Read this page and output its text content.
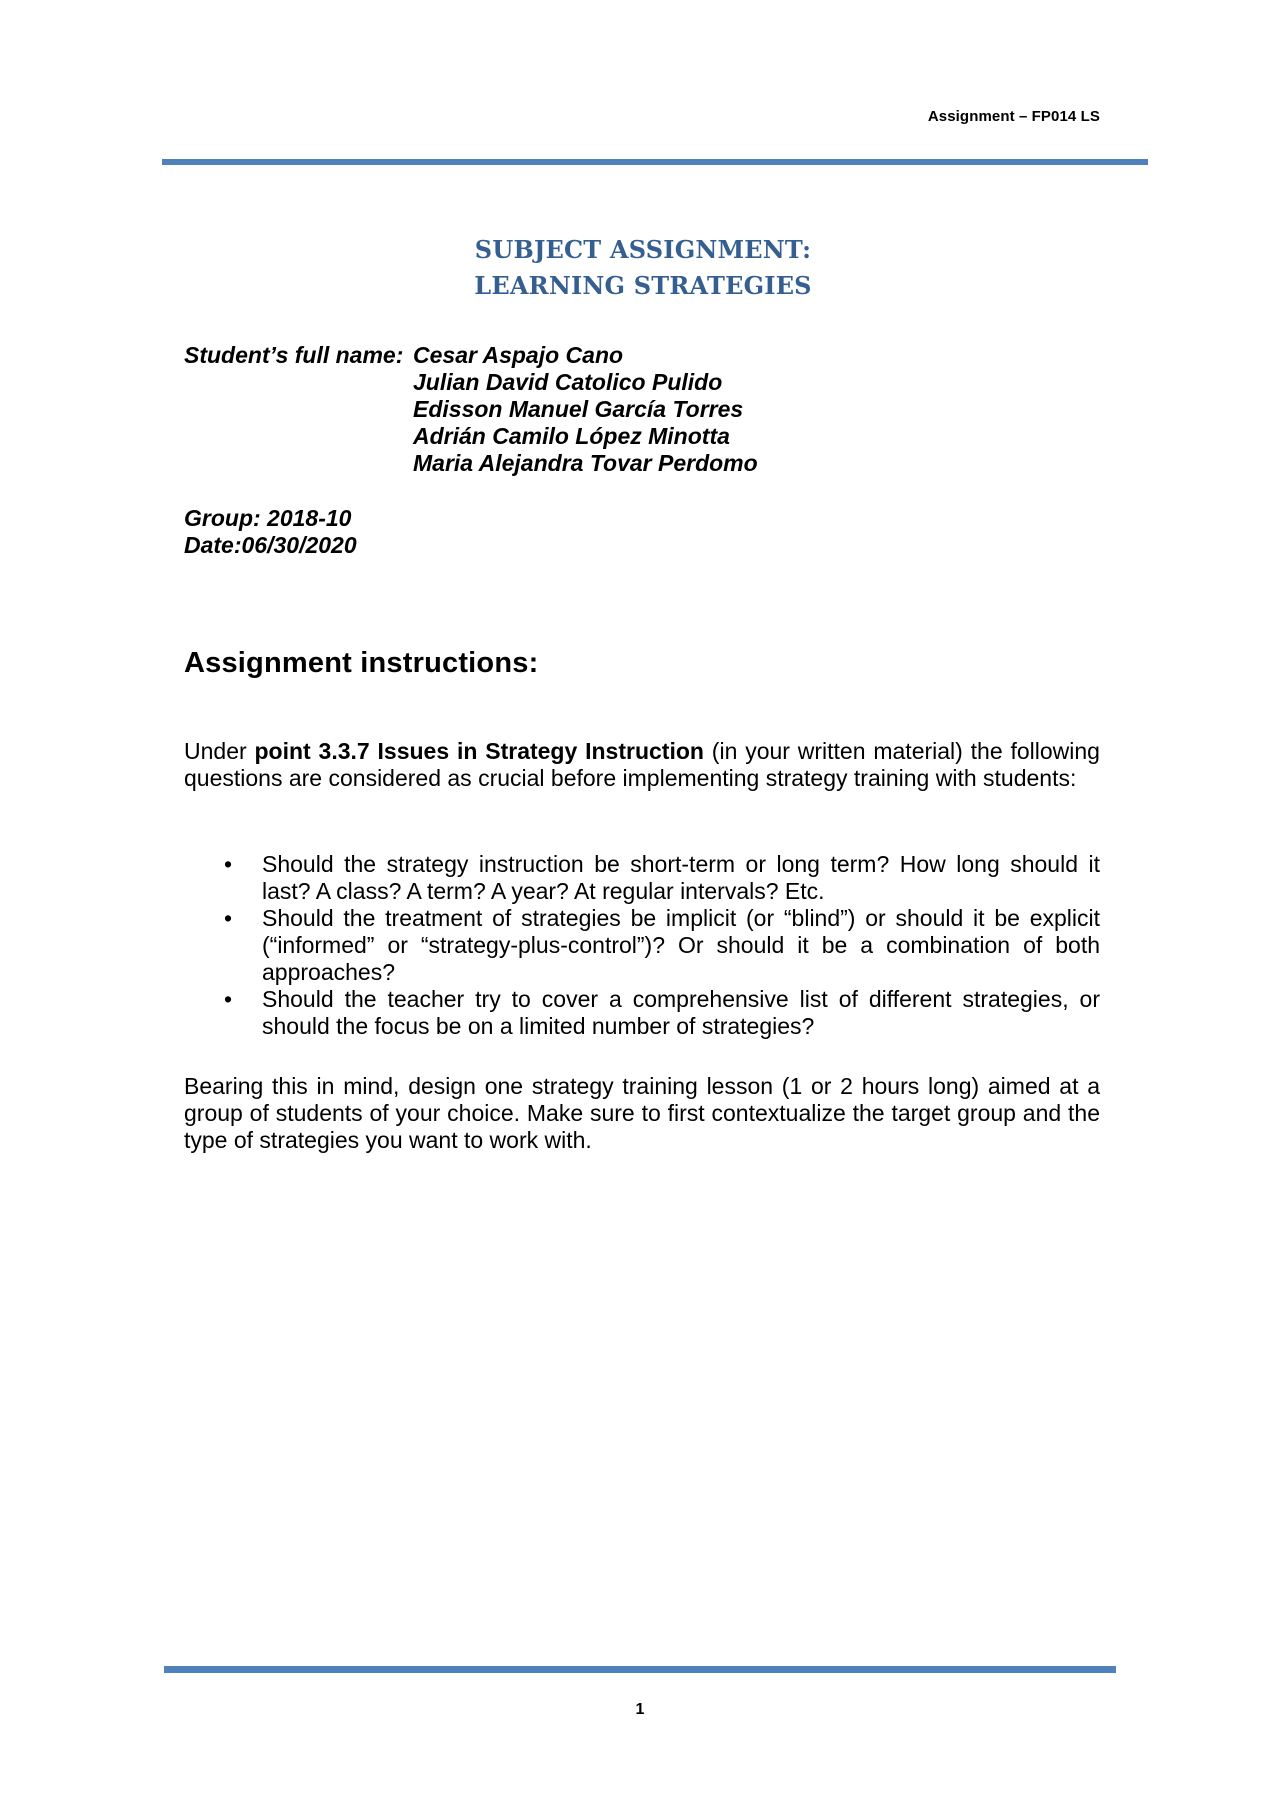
Assignment – FP014 LS
SUBJECT ASSIGNMENT:
LEARNING STRATEGIES
Student’s full name: Cesar Aspajo Cano
Julian David Catolico Pulido
Edisson Manuel García Torres
Adrián Camilo López Minotta
Maria Alejandra Tovar Perdomo
Group: 2018-10
Date:06/30/2020
Assignment instructions:
Under point 3.3.7 Issues in Strategy Instruction (in your written material) the following questions are considered as crucial before implementing strategy training with students:
• Should the strategy instruction be short-term or long term? How long should it last? A class? A term? A year? At regular intervals? Etc.
• Should the treatment of strategies be implicit (or “blind”) or should it be explicit (“informed” or “strategy-plus-control”)? Or should it be a combination of both approaches?
• Should the teacher try to cover a comprehensive list of different strategies, or should the focus be on a limited number of strategies?
Bearing this in mind, design one strategy training lesson (1 or 2 hours long) aimed at a group of students of your choice. Make sure to first contextualize the target group and the type of strategies you want to work with.
1
